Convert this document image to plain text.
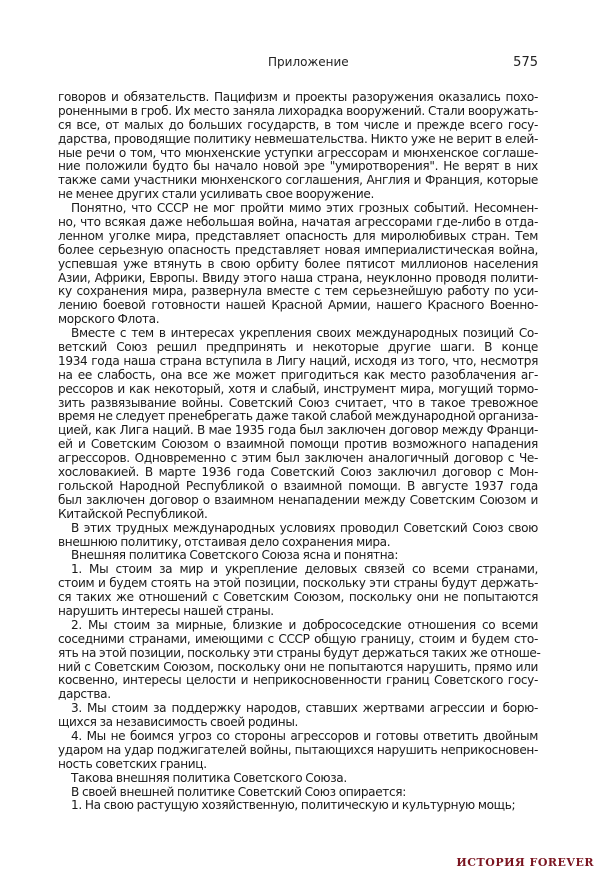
Приложение	575
говоров и обязательств. Пацифизм и проекты разоружения оказались похо-
роненными в гроб. Их место заняла лихорадка вооружений. Стали вооружать-
ся все, от малых до больших государств, в том числе и прежде всего госу-
дарства, проводящие политику невмешательства. Никто уже не верит в елей-
ные речи о том, что мюнхенские уступки агрессорам и мюнхенское соглаше-
ние положили будто бы начало новой эре "умиротворения". Не верят в них
также сами участники мюнхенского соглашения, Англия и Франция, которые
не менее других стали усиливать свое вооружение.
Понятно, что СССР не мог пройти мимо этих грозных событий. Несомнен-
но, что всякая даже небольшая война, начатая агрессорами где-либо в отда-
ленном уголке мира, представляет опасность для миролюбивых стран. Тем
более серьезную опасность представляет новая империалистическая война,
успевшая уже втянуть в свою орбиту более пятисот миллионов населения
Азии, Африки, Европы. Ввиду этого наша страна, неуклонно проводя полити-
ку сохранения мира, развернула вместе с тем серьезнейшую работу по уси-
лению боевой готовности нашей Красной Армии, нашего Красного Военно-
морского Флота.
Вместе с тем в интересах укрепления своих международных позиций Со-
ветский Союз решил предпринять и некоторые другие шаги. В конце
1934 года наша страна вступила в Лигу наций, исходя из того, что, несмотря
на ее слабость, она все же может пригодиться как место разоблачения аг-
рессоров и как некоторый, хотя и слабый, инструмент мира, могущий тормо-
зить развязывание войны. Советский Союз считает, что в такое тревожное
время не следует пренебрегать даже такой слабой международной организа-
цией, как Лига наций. В мае 1935 года был заключен договор между Франци-
ей и Советским Союзом о взаимной помощи против возможного нападения
агрессоров. Одновременно с этим был заключен аналогичный договор с Че-
хословакией. В марте 1936 года Советский Союз заключил договор с Мон-
гольской Народной Республикой о взаимной помощи. В августе 1937 года
был заключен договор о взаимном ненападении между Советским Союзом и
Китайской Республикой.
В этих трудных международных условиях проводил Советский Союз свою
внешнюю политику, отстаивая дело сохранения мира.
Внешняя политика Советского Союза ясна и понятна:
1. Мы стоим за мир и укрепление деловых связей со всеми странами,
стоим и будем стоять на этой позиции, поскольку эти страны будут держать-
ся таких же отношений с Советским Союзом, поскольку они не попытаются
нарушить интересы нашей страны.
2. Мы стоим за мирные, близкие и добрососедские отношения со всеми
соседними странами, имеющими с СССР общую границу, стоим и будем сто-
ять на этой позиции, поскольку эти страны будут держаться таких же отноше-
ний с Советским Союзом, поскольку они не попытаются нарушить, прямо или
косвенно, интересы целости и неприкосновенности границ Советского госу-
дарства.
3. Мы стоим за поддержку народов, ставших жертвами агрессии и борю-
щихся за независимость своей родины.
4. Мы не боимся угроз со стороны агрессоров и готовы ответить двойным
ударом на удар поджигателей войны, пытающихся нарушить неприкосновен-
ность советских границ.
Такова внешняя политика Советского Союза.
В своей внешней политике Советский Союз опирается:
1. На свою растущую хозяйственную, политическую и культурную мощь;
ИСТОРИЯ FOREVER
